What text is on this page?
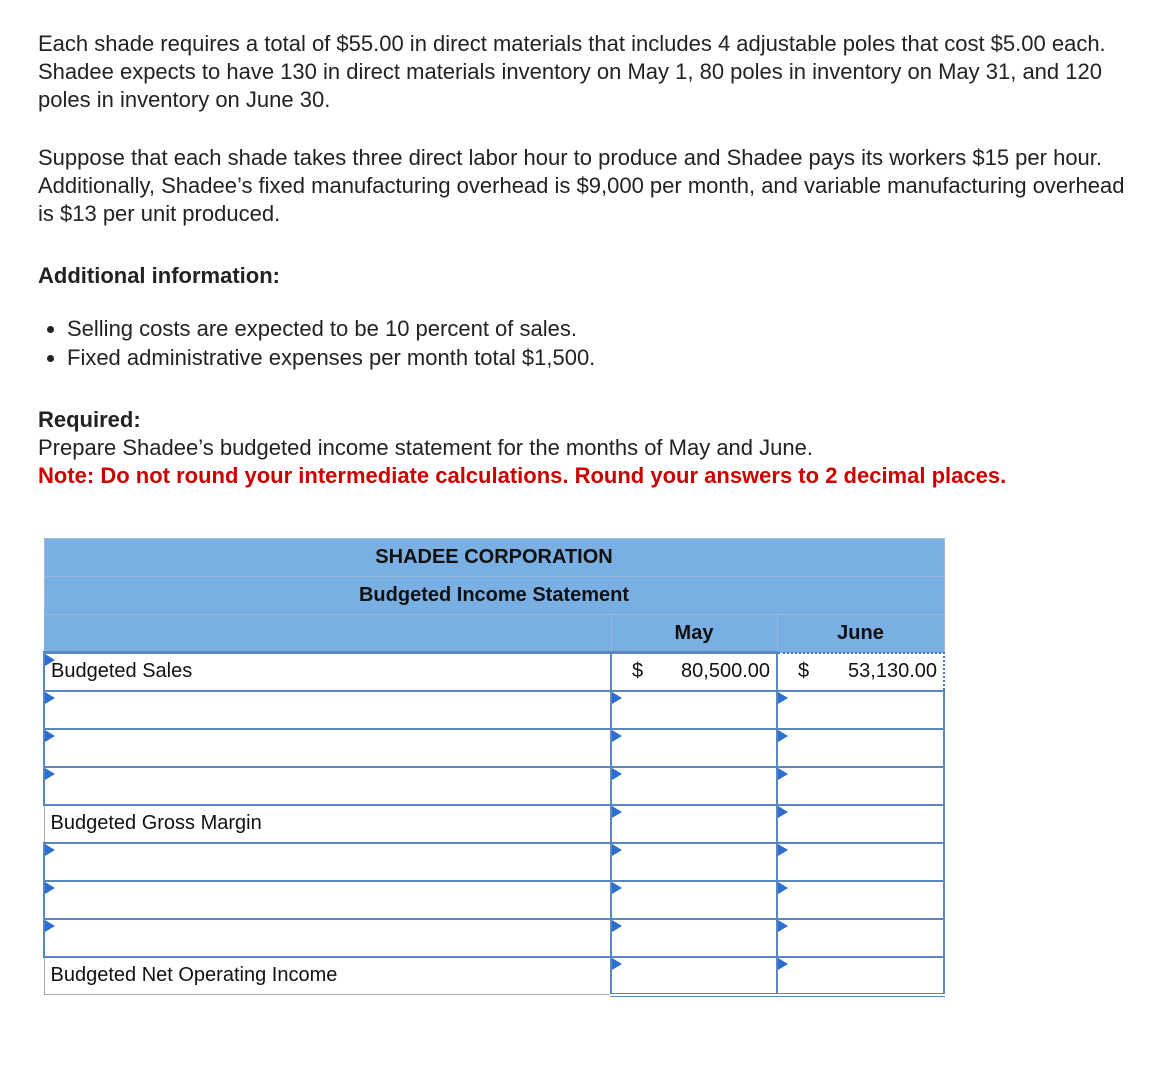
Each shade requires a total of $55.00 in direct materials that includes 4 adjustable poles that cost $5.00 each. Shadee expects to have 130 in direct materials inventory on May 1, 80 poles in inventory on May 31, and 120 poles in inventory on June 30.

Suppose that each shade takes three direct labor hour to produce and Shadee pays its workers $15 per hour. Additionally, Shadee’s fixed manufacturing overhead is $9,000 per month, and variable manufacturing overhead is $13 per unit produced.

Additional information:
• Selling costs are expected to be 10 percent of sales.
• Fixed administrative expenses per month total $1,500.
Required:
Prepare Shadee’s budgeted income statement for the months of May and June.
Note: Do not round your intermediate calculations. Round your answers to 2 decimal places.
SHADEE CORPORATION		
Budgeted Income Statement		
	May	June

Budgeted Sales	$ 80,500.00	$ 53,130.00

Budgeted Gross Margin	

Budgeted Net Operating Income	
